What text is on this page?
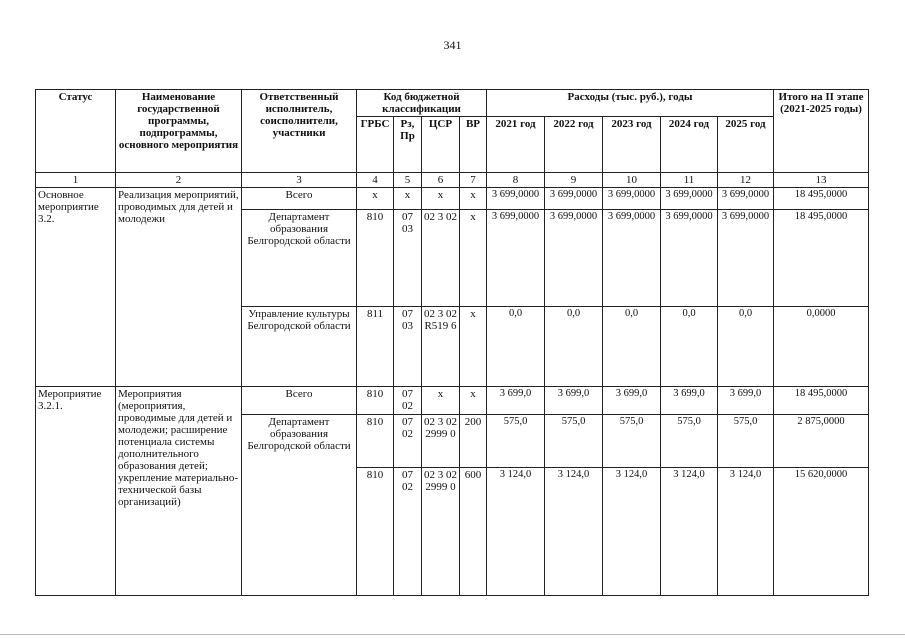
341
Статус	Наименование государственной программы, подпрограммы, основного мероприятия	Ответственный исполнитель, соисполнители, участники	Код бюджетной классификации				Расходы (тыс. руб.), годы					Итого на II этапе (2021-2025 годы)
			ГРБС	Рз, Пр	ЦСР	ВР	2021 год	2022 год	2023 год	2024 год	2025 год	
1	2	3	4	5	6	7	8	9	10	11	12	13
Основное мероприятие 3.2.	Реализация мероприятий, проводимых для детей и молодежи	Всего	х	х	х	х	3 699,0000	3 699,0000	3 699,0000	3 699,0000	3 699,0000	18 495,0000
		Департамент образования Белгородской области	810	07 03	02 3 02	х	3 699,0000	3 699,0000	3 699,0000	3 699,0000	3 699,0000	18 495,0000
		Управление культуры Белгородской области	811	07 03	02 3 02 R519 6	х	0,0	0,0	0,0	0,0	0,0	0,0000
Мероприятие 3.2.1.	Мероприятия (мероприятия, проводимые для детей и молодежи; расширение потенциала системы дополнительного образования детей; укрепление материально-технической базы организаций)	Всего	810	07 02	х	х	3 699,0	3 699,0	3 699,0	3 699,0	3 699,0	18 495,0000
		Департамент образования Белгородской области	810	07 02	02 3 02 2999 0	200	575,0	575,0	575,0	575,0	575,0	2 875,0000
			810	07 02	02 3 02 2999 0	600	3 124,0	3 124,0	3 124,0	3 124,0	3 124,0	15 620,0000
